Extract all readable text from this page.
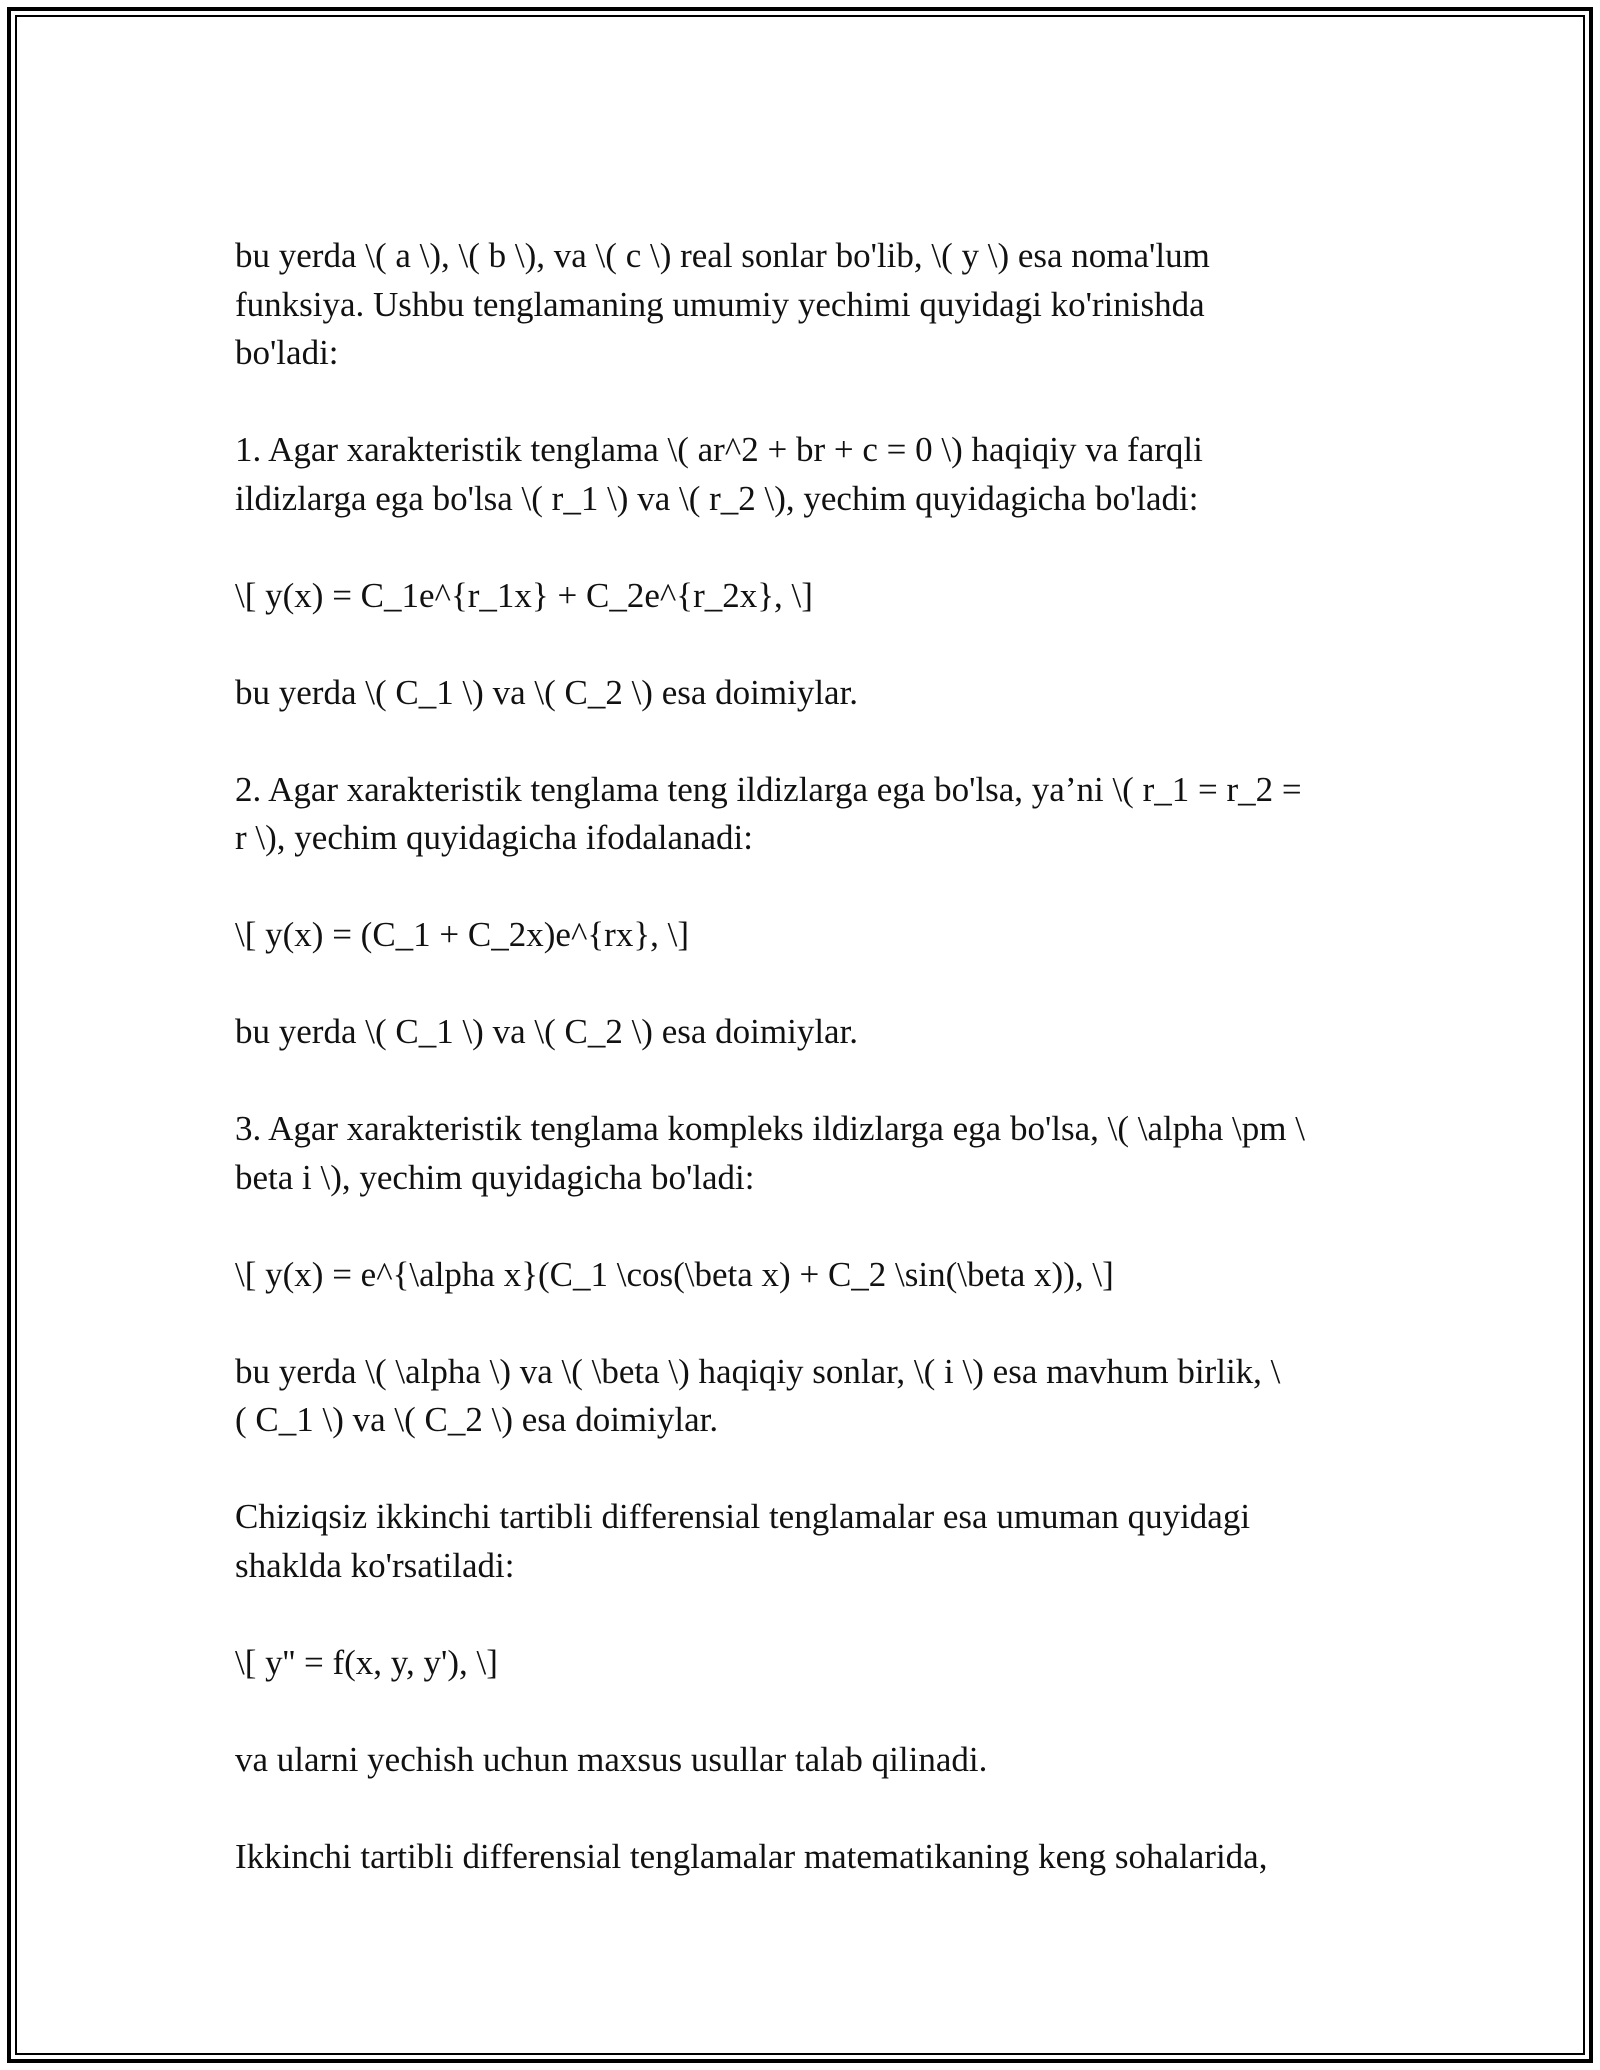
bu yerda \( a \), \( b \), va \( c \) real sonlar bo'lib, \( y \) esa noma'lum
funksiya. Ushbu tenglamaning umumiy yechimi quyidagi ko'rinishda
bo'ladi:

1. Agar xarakteristik tenglama \( ar^2 + br + c = 0 \) haqiqiy va farqli
ildizlarga ega bo'lsa \( r_1 \) va \( r_2 \), yechim quyidagicha bo'ladi:

\[ y(x) = C_1e^{r_1x} + C_2e^{r_2x}, \]

bu yerda \( C_1 \) va \( C_2 \) esa doimiylar.

2. Agar xarakteristik tenglama teng ildizlarga ega bo'lsa, ya’ni \( r_1 = r_2 =
r \), yechim quyidagicha ifodalanadi:

\[ y(x) = (C_1 + C_2x)e^{rx}, \]

bu yerda \( C_1 \) va \( C_2 \) esa doimiylar.

3. Agar xarakteristik tenglama kompleks ildizlarga ega bo'lsa, \( \alpha \pm \
beta i \), yechim quyidagicha bo'ladi:

\[ y(x) = e^{\alpha x}(C_1 \cos(\beta x) + C_2 \sin(\beta x)), \]

bu yerda \( \alpha \) va \( \beta \) haqiqiy sonlar, \( i \) esa mavhum birlik, \
( C_1 \) va \( C_2 \) esa doimiylar.

Chiziqsiz ikkinchi tartibli differensial tenglamalar esa umuman quyidagi
shaklda ko'rsatiladi:

\[ y'' = f(x, y, y'), \]

va ularni yechish uchun maxsus usullar talab qilinadi.

Ikkinchi tartibli differensial tenglamalar matematikaning keng sohalarida,
